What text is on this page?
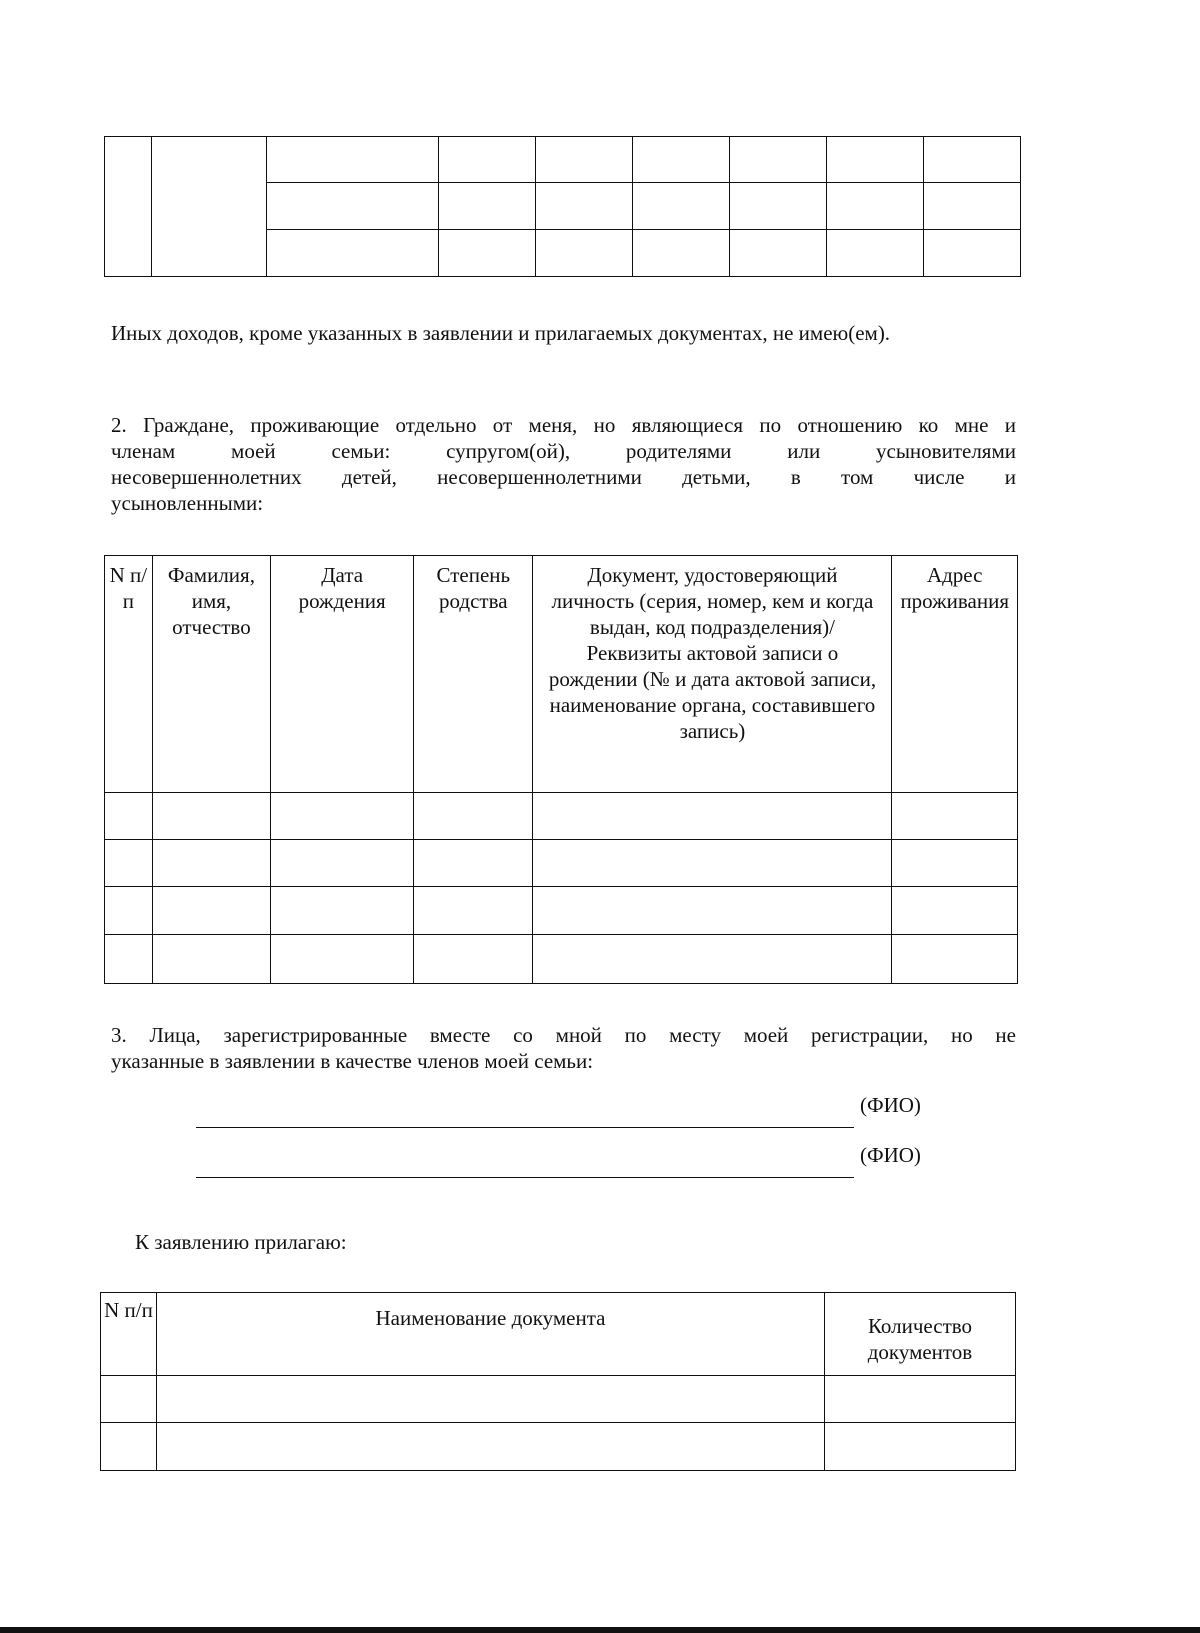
Иных доходов, кроме указанных в заявлении и прилагаемых документах, не имею(ем).
2. Граждане, проживающие отдельно от меня, но являющиеся по отношению ко мне и
членам моей семьи: супругом(ой), родителями или усыновителями
несовершеннолетних детей, несовершеннолетними детьми, в том числе и
усыновленными:
N п/п	Фамилия, имя, отчество	Дата рождения	Степень родства	Документ, удостоверяющий личность (серия, номер, кем и когда выдан, код подразделения)/Реквизиты актовой записи о рождении (№ и дата актовой записи, наименование органа, составившего запись)	Адрес проживания

3. Лица, зарегистрированные вместе со мной по месту моей регистрации, но не
указанные в заявлении в качестве членов моей семьи:
(ФИО)
(ФИО)
К заявлению прилагаю:
N п/п	Наименование документа	Количество документов
